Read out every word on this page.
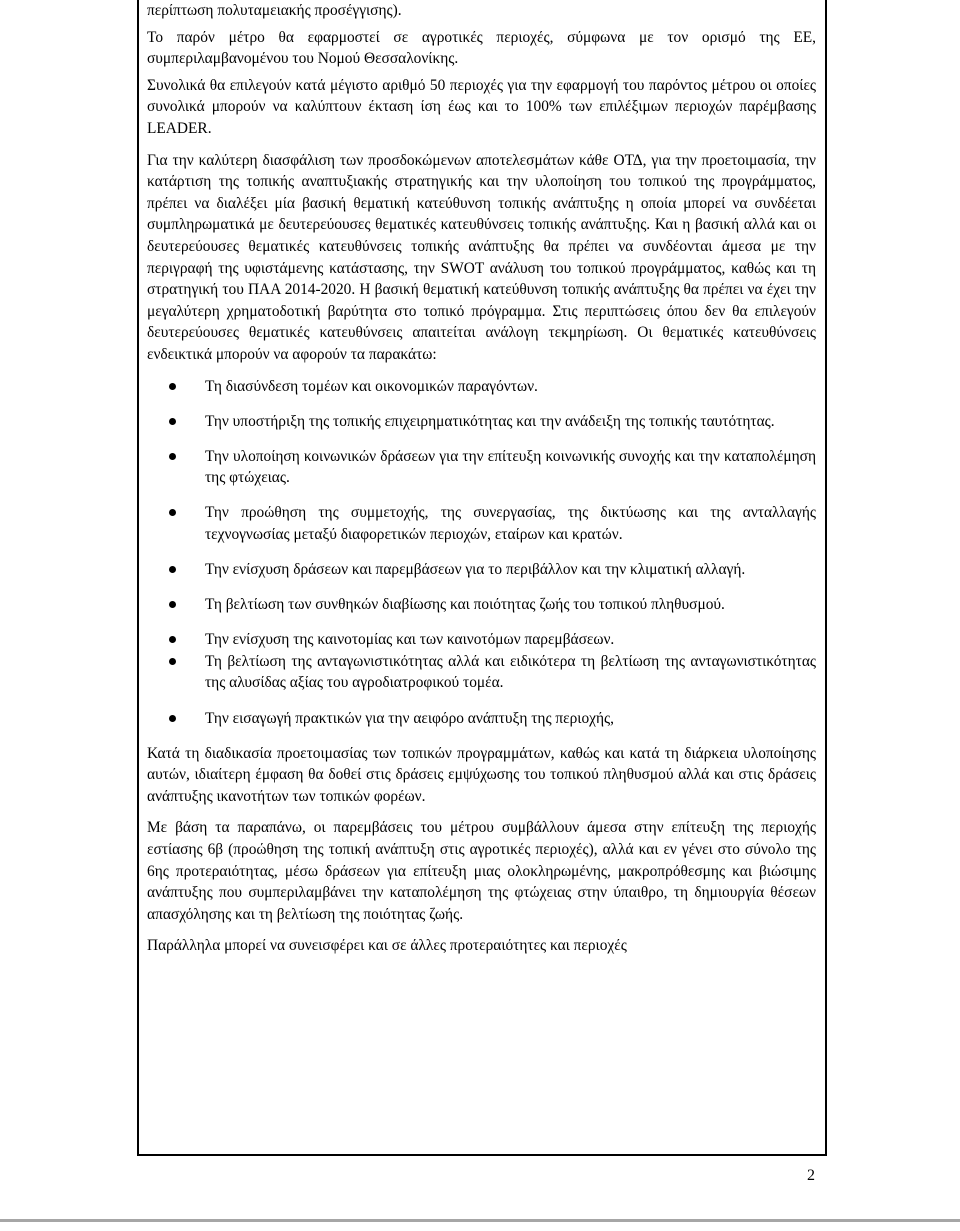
περίπτωση πολυταμειακής προσέγγισης).

Το παρόν μέτρο θα εφαρμοστεί σε αγροτικές περιοχές, σύμφωνα με τον ορισμό της ΕΕ, συμπεριλαμβανομένου του Νομού Θεσσαλονίκης.

Συνολικά θα επιλεγούν κατά μέγιστο αριθμό 50 περιοχές για την εφαρμογή του παρόντος μέτρου οι οποίες συνολικά μπορούν να καλύπτουν έκταση ίση έως και το 100% των επιλέξιμων περιοχών παρέμβασης LEADER.

Για την καλύτερη διασφάλιση των προσδοκώμενων αποτελεσμάτων κάθε ΟΤΔ, για την προετοιμασία, την κατάρτιση της τοπικής αναπτυξιακής στρατηγικής και την υλοποίηση του τοπικού της προγράμματος, πρέπει να διαλέξει μία βασική θεματική κατεύθυνση τοπικής ανάπτυξης η οποία μπορεί να συνδέεται συμπληρωματικά με δευτερεύουσες θεματικές κατευθύνσεις τοπικής ανάπτυξης. Και η βασική αλλά και οι δευτερεύουσες θεματικές κατευθύνσεις τοπικής ανάπτυξης θα πρέπει να συνδέονται άμεσα με την περιγραφή της υφιστάμενης κατάστασης, την SWOT ανάλυση του τοπικού προγράμματος, καθώς και τη στρατηγική του ΠΑΑ 2014-2020. Η βασική θεματική κατεύθυνση τοπικής ανάπτυξης θα πρέπει να έχει την μεγαλύτερη χρηματοδοτική βαρύτητα στο τοπικό πρόγραμμα. Στις περιπτώσεις όπου δεν θα επιλεγούν δευτερεύουσες θεματικές κατευθύνσεις απαιτείται ανάλογη τεκμηρίωση. Οι θεματικές κατευθύνσεις ενδεικτικά μπορούν να αφορούν τα παρακάτω:

Τη διασύνδεση τομέων και οικονομικών παραγόντων.
Την υποστήριξη της τοπικής επιχειρηματικότητας και την ανάδειξη της τοπικής ταυτότητας.
Την υλοποίηση κοινωνικών δράσεων για την επίτευξη κοινωνικής συνοχής και την καταπολέμηση της φτώχειας.
Την προώθηση της συμμετοχής, της συνεργασίας, της δικτύωσης και της ανταλλαγής τεχνογνωσίας μεταξύ διαφορετικών περιοχών, εταίρων και κρατών.
Την ενίσχυση δράσεων και παρεμβάσεων για το περιβάλλον και την κλιματική αλλαγή.
Τη βελτίωση των συνθηκών διαβίωσης και ποιότητας ζωής του τοπικού πληθυσμού.
Την ενίσχυση της καινοτομίας και των καινοτόμων παρεμβάσεων.
Τη βελτίωση της ανταγωνιστικότητας αλλά και ειδικότερα τη βελτίωση της ανταγωνιστικότητας της αλυσίδας αξίας του αγροδιατροφικού τομέα.
Την εισαγωγή πρακτικών για την αειφόρο ανάπτυξη της περιοχής,

Κατά τη διαδικασία προετοιμασίας των τοπικών προγραμμάτων, καθώς και κατά τη διάρκεια υλοποίησης αυτών, ιδιαίτερη έμφαση θα δοθεί στις δράσεις εμψύχωσης του τοπικού πληθυσμού αλλά και στις δράσεις ανάπτυξης ικανοτήτων των τοπικών φορέων.

Με βάση τα παραπάνω, οι παρεμβάσεις του μέτρου συμβάλλουν άμεσα στην επίτευξη της περιοχής εστίασης 6β (προώθηση της τοπική ανάπτυξη στις αγροτικές περιοχές), αλλά και εν γένει στο σύνολο της 6ης προτεραιότητας, μέσω δράσεων για επίτευξη μιας ολοκληρωμένης, μακροπρόθεσμης και βιώσιμης ανάπτυξης που συμπεριλαμβάνει την καταπολέμηση της φτώχειας στην ύπαιθρο, τη δημιουργία θέσεων απασχόλησης και τη βελτίωση της ποιότητας ζωής.

Παράλληλα μπορεί να συνεισφέρει και σε άλλες προτεραιότητες και περιοχές

2
